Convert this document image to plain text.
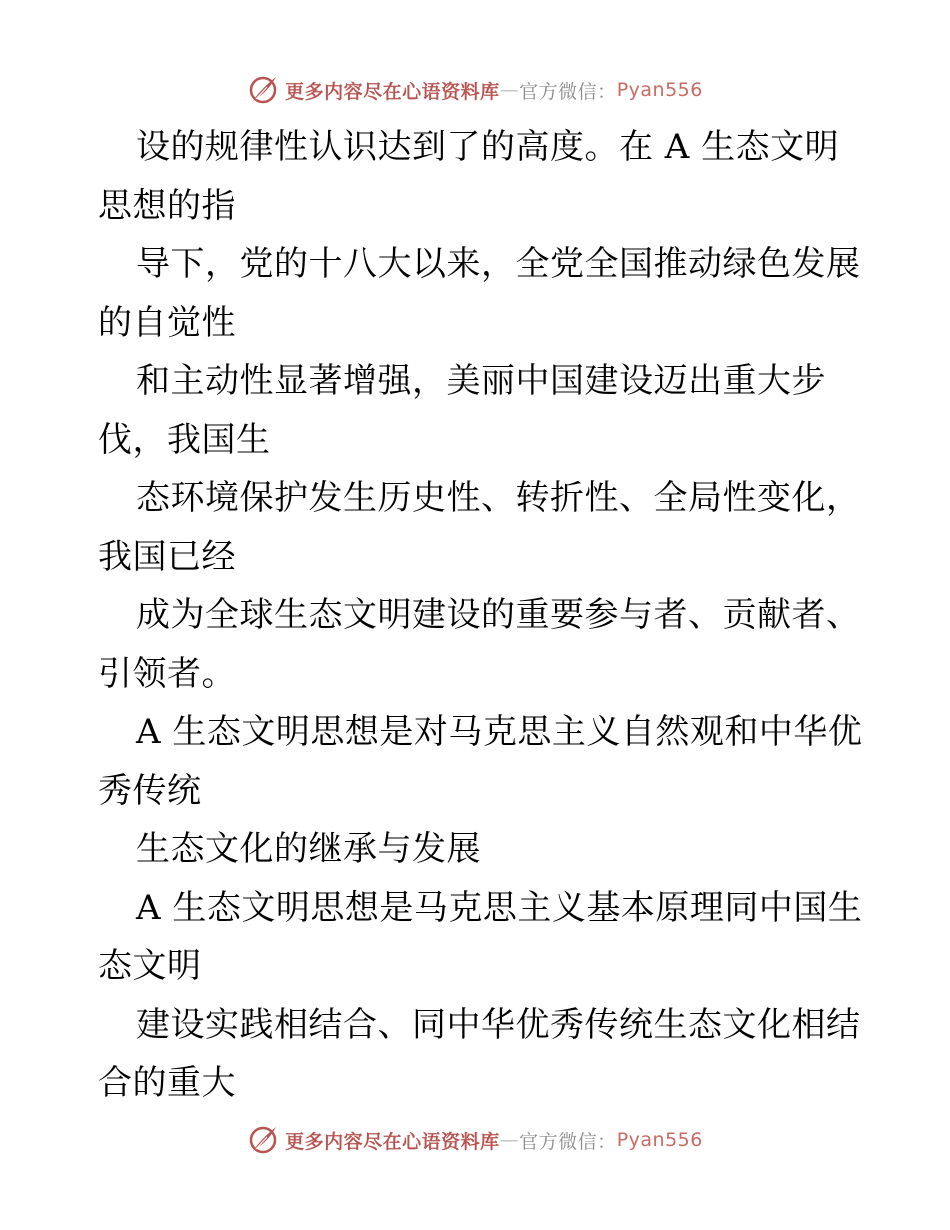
更多内容尽在心语资料库 — 官方微信： Pyan556
设的规律性认识达到了的高度。在 A 生态文明
思想的指
导下，党的十八大以来，全党全国推动绿色发展
的自觉性
和主动性显著增强，美丽中国建设迈出重大步
伐，我国生
态环境保护发生历史性、转折性、全局性变化，
我国已经
成为全球生态文明建设的重要参与者、贡献者、
引领者。
A 生态文明思想是对马克思主义自然观和中华优
秀传统
生态文化的继承与发展
A 生态文明思想是马克思主义基本原理同中国生
态文明
建设实践相结合、同中华优秀传统生态文化相结
合的重大
更多内容尽在心语资料库 — 官方微信： Pyan556
